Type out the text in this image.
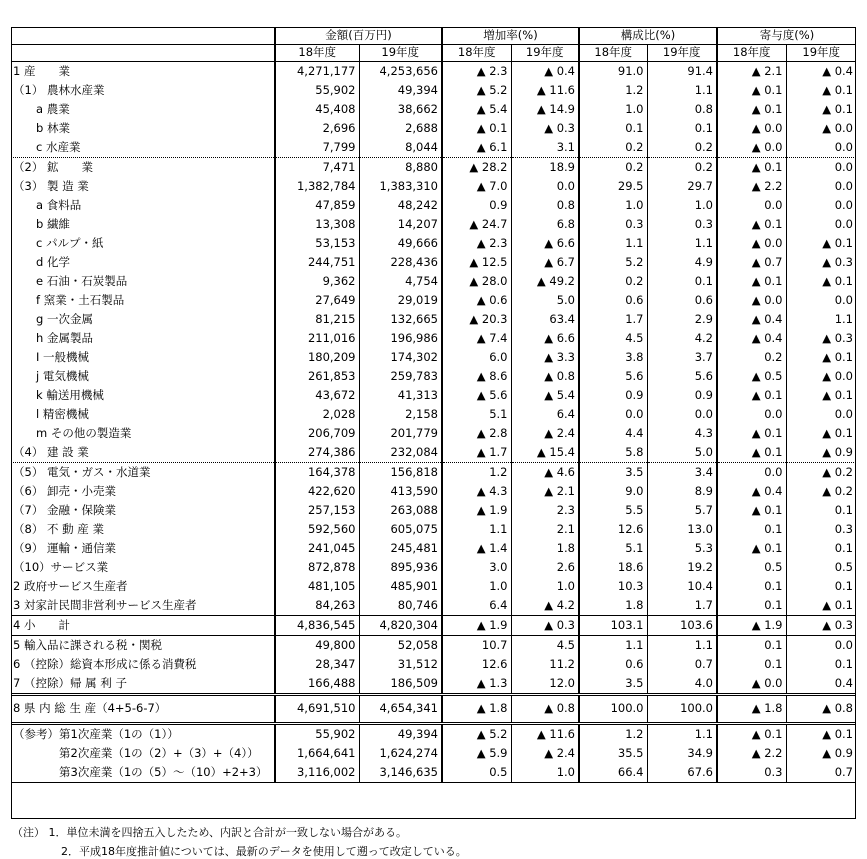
	金額(百万円)		増加率(%)		構成比(%)		寄与度(%)	
	18年度	19年度	18年度	19年度	18年度	19年度	18年度	19年度
1 産　　業	4,271,177	4,253,656	▲ 2.3	▲ 0.4	91.0	91.4	▲ 2.1	▲ 0.4
（1） 農林水産業	55,902	49,394	▲ 5.2	▲ 11.6	1.2	1.1	▲ 0.1	▲ 0.1
　　a 農業	45,408	38,662	▲ 5.4	▲ 14.9	1.0	0.8	▲ 0.1	▲ 0.1
　　b 林業	2,696	2,688	▲ 0.1	▲ 0.3	0.1	0.1	▲ 0.0	▲ 0.0
　　c 水産業	7,799	8,044	▲ 6.1	3.1	0.2	0.2	▲ 0.0	0.0
（2） 鉱　　業	7,471	8,880	▲ 28.2	18.9	0.2	0.2	▲ 0.1	0.0
（3） 製 造 業	1,382,784	1,383,310	▲ 7.0	0.0	29.5	29.7	▲ 2.2	0.0
　　a 食料品	47,859	48,242	0.9	0.8	1.0	1.0	0.0	0.0
　　b 繊維	13,308	14,207	▲ 24.7	6.8	0.3	0.3	▲ 0.1	0.0
　　c パルプ・紙	53,153	49,666	▲ 2.3	▲ 6.6	1.1	1.1	▲ 0.0	▲ 0.1
　　d 化学	244,751	228,436	▲ 12.5	▲ 6.7	5.2	4.9	▲ 0.7	▲ 0.3
　　e 石油・石炭製品	9,362	4,754	▲ 28.0	▲ 49.2	0.2	0.1	▲ 0.1	▲ 0.1
　　f 窯業・土石製品	27,649	29,019	▲ 0.6	5.0	0.6	0.6	▲ 0.0	0.0
　　g 一次金属	81,215	132,665	▲ 20.3	63.4	1.7	2.9	▲ 0.4	1.1
　　h 金属製品	211,016	196,986	▲ 7.4	▲ 6.6	4.5	4.2	▲ 0.4	▲ 0.3
　　I 一般機械	180,209	174,302	6.0	▲ 3.3	3.8	3.7	0.2	▲ 0.1
　　j 電気機械	261,853	259,783	▲ 8.6	▲ 0.8	5.6	5.6	▲ 0.5	▲ 0.0
　　k 輸送用機械	43,672	41,313	▲ 5.6	▲ 5.4	0.9	0.9	▲ 0.1	▲ 0.1
　　l 精密機械	2,028	2,158	5.1	6.4	0.0	0.0	0.0	0.0
　　m その他の製造業	206,709	201,779	▲ 2.8	▲ 2.4	4.4	4.3	▲ 0.1	▲ 0.1
（4） 建 設 業	274,386	232,084	▲ 1.7	▲ 15.4	5.8	5.0	▲ 0.1	▲ 0.9
（5） 電気・ガス・水道業	164,378	156,818	1.2	▲ 4.6	3.5	3.4	0.0	▲ 0.2
（6） 卸売・小売業	422,620	413,590	▲ 4.3	▲ 2.1	9.0	8.9	▲ 0.4	▲ 0.2
（7） 金融・保険業	257,153	263,088	▲ 1.9	2.3	5.5	5.7	▲ 0.1	0.1
（8） 不 動 産 業	592,560	605,075	1.1	2.1	12.6	13.0	0.1	0.3
（9） 運輸・通信業	241,045	245,481	▲ 1.4	1.8	5.1	5.3	▲ 0.1	0.1
（10）サービス業	872,878	895,936	3.0	2.6	18.6	19.2	0.5	0.5
2 政府サービス生産者	481,105	485,901	1.0	1.0	10.3	10.4	0.1	0.1
3 対家計民間非営利サービス生産者	84,263	80,746	6.4	▲ 4.2	1.8	1.7	0.1	▲ 0.1
4 小　　計	4,836,545	4,820,304	▲ 1.9	▲ 0.3	103.1	103.6	▲ 1.9	▲ 0.3
5 輸入品に課される税・関税	49,800	52,058	10.7	4.5	1.1	1.1	0.1	0.0
6 （控除）総資本形成に係る消費税	28,347	31,512	12.6	11.2	0.6	0.7	0.1	0.1
7 （控除）帰 属 利 子	166,488	186,509	▲ 1.3	12.0	3.5	4.0	▲ 0.0	0.4
8 県 内 総 生 産（4+5-6-7）	4,691,510	4,654,341	▲ 1.8	▲ 0.8	100.0	100.0	▲ 1.8	▲ 0.8
（参考）第1次産業（1の（1））	55,902	49,394	▲ 5.2	▲ 11.6	1.2	1.1	▲ 0.1	▲ 0.1
　　　　第2次産業（1の（2）+（3）+（4））	1,664,641	1,624,274	▲ 5.9	▲ 2.4	35.5	34.9	▲ 2.2	▲ 0.9
　　　　第3次産業（1の（5）～（10）+2+3）	3,116,002	3,146,635	0.5	1.0	66.4	67.6	0.3	0.7
（注） 1．単位未満を四捨五入したため、内訳と合計が一致しない場合がある。
2．平成18年度推計値については、最新のデータを使用して遡って改定している。
